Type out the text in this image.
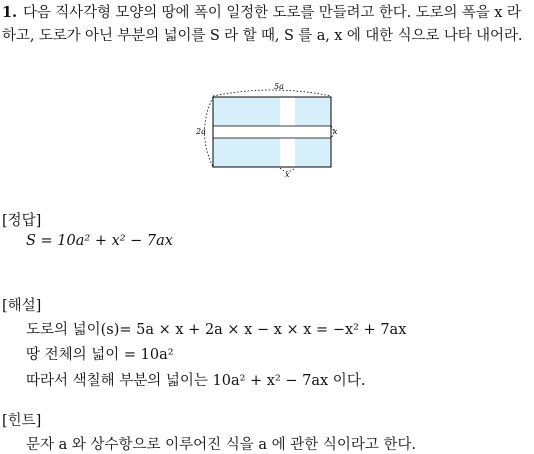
1. 다음 직사각형 모양의 땅에 폭이 일정한 도로를 만들려고 한다. 도로의 폭을 x 라 하고, 도로가 아닌 부분의 넓이를 S 라 할 때, S 를 a, x 에 대한 식으로 나타 내어라.
5a
2a	x
x
[정답]
S = 10a² + x² − 7ax
[해설]
도로의 넓이(s)= 5a × x + 2a × x − x × x = −x² + 7ax
땅 전체의 넓이 = 10a²
따라서 색칠해 부분의 넓이는 10a² + x² − 7ax 이다.
[힌트]
문자 a 와 상수항으로 이루어진 식을 a 에 관한 식이라고 한다.
